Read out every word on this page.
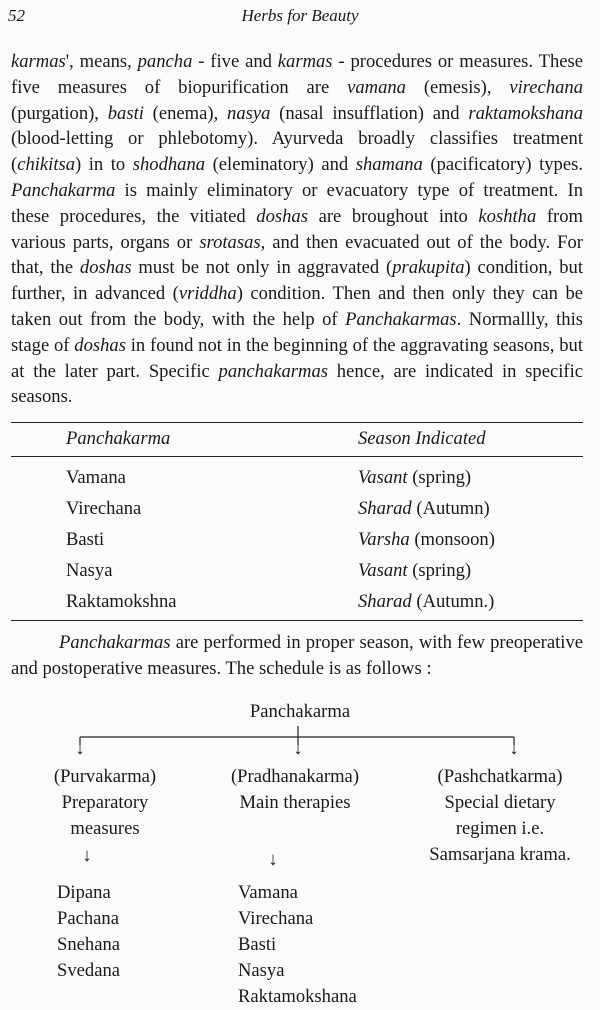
52	Herbs for Beauty

karmas', means, pancha - five and karmas - procedures or measures. These five measures of biopurification are vamana (emesis), virechana (purgation), basti (enema), nasya (nasal insufflation) and raktamokshana (blood-letting or phlebotomy). Ayurveda broadly classifies treatment (chikitsa) in to shodhana (eleminatory) and shamana (pacificatory) types. Panchakarma is mainly eliminatory or evacuatory type of treatment. In these procedures, the vitiated doshas are broughout into koshtha from various parts, organs or srotasas, and then evacuated out of the body. For that, the doshas must be not only in aggravated (prakupita) condition, but further, in advanced (vriddha) condition. Then and then only they can be taken out from the body, with the help of Panchakarmas. Normallly, this stage of doshas in found not in the beginning of the aggravating seasons, but at the later part. Specific panchakarmas hence, are indicated in specific seasons.

Panchakarma	Season Indicated
Vamana	Vasant (spring)
Virechana	Sharad (Autumn)
Basti	Varsha (monsoon)
Nasya	Vasant (spring)
Raktamokshna	Sharad (Autumn.)

Panchakarmas are performed in proper season, with few preoperative and postoperative measures. The schedule is as follows :

Panchakarma
↓	↓	↓
(Purvakarma)
Preparatory
measures
(Pradhanakarma)
Main therapies
(Pashchatkarma)
Special dietary
regimen i.e.
Samsarjana krama.
↓	↓
Dipana
Pachana
Snehana
Svedana
Vamana
Virechana
Basti
Nasya
Raktamokshana
